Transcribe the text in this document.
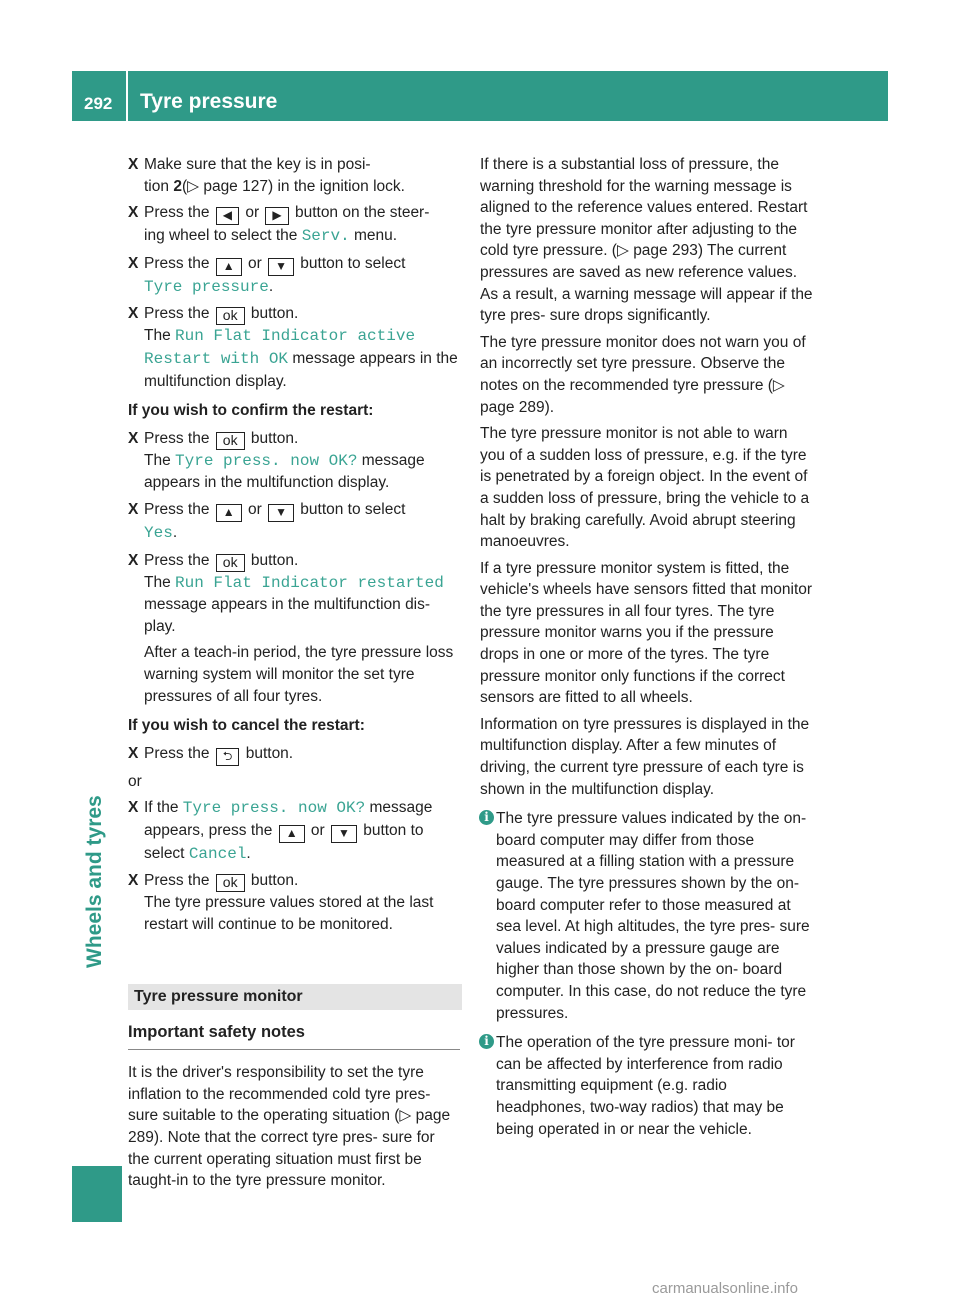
292 Tyre pressure
Wheels and tyres
X Make sure that the key is in posi-
tion 2(▷ page 127) in the ignition lock.
X Press the ◀ or ▶ button on the steer-
ing wheel to select the Serv. menu.
X Press the ▲ or ▼ button to select
Tyre pressure.
X Press the ok button.
The Run Flat Indicator active
Restart with OK message appears in the multifunction display.
If you wish to confirm the restart:
X Press the ok button.
The Tyre press. now OK? message appears in the multifunction display.
X Press the ▲ or ▼ button to select
Yes.
X Press the ok button.
The Run Flat Indicator restarted message appears in the multifunction dis- play.
After a teach-in period, the tyre pressure loss warning system will monitor the set tyre pressures of all four tyres.
If you wish to cancel the restart:
X Press the ⮌ button.

or

X If the Tyre press. now OK? message appears, press the ▲ or ▼ button to select Cancel.
X Press the ok button.
The tyre pressure values stored at the last restart will continue to be monitored.
Tyre pressure monitor
Important safety notes

It is the driver's responsibility to set the tyre inflation to the recommended cold tyre pres- sure suitable to the operating situation (▷ page 289). Note that the correct tyre pres- sure for the current operating situation must first be taught-in to the tyre pressure monitor.

If there is a substantial loss of pressure, the warning threshold for the warning message is aligned to the reference values entered. Restart the tyre pressure monitor after adjusting to the cold tyre pressure. (▷ page 293) The current pressures are saved as new reference values. As a result, a warning message will appear if the tyre pres- sure drops significantly.

The tyre pressure monitor does not warn you of an incorrectly set tyre pressure. Observe the notes on the recommended tyre pressure (▷ page 289).

The tyre pressure monitor is not able to warn you of a sudden loss of pressure, e.g. if the tyre is penetrated by a foreign object. In the event of a sudden loss of pressure, bring the vehicle to a halt by braking carefully. Avoid abrupt steering manoeuvres.

If a tyre pressure monitor system is fitted, the vehicle's wheels have sensors fitted that monitor the tyre pressures in all four tyres. The tyre pressure monitor warns you if the pressure drops in one or more of the tyres. The tyre pressure monitor only functions if the correct sensors are fitted to all wheels.

Information on tyre pressures is displayed in the multifunction display. After a few minutes of driving, the current tyre pressure of each tyre is shown in the multifunction display.

i The tyre pressure values indicated by the on-board computer may differ from those measured at a filling station with a pressure gauge. The tyre pressures shown by the on- board computer refer to those measured at sea level. At high altitudes, the tyre pres- sure values indicated by a pressure gauge are higher than those shown by the on- board computer. In this case, do not reduce the tyre pressures.
i The operation of the tyre pressure moni- tor can be affected by interference from radio transmitting equipment (e.g. radio headphones, two-way radios) that may be being operated in or near the vehicle.
carmanualsonline.info
